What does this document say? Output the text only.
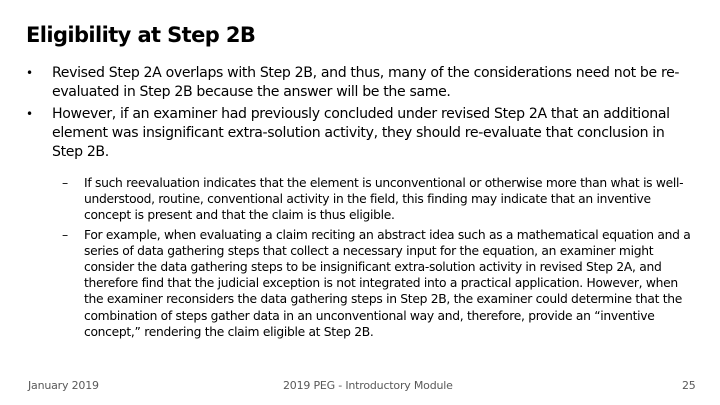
Eligibility at Step 2B
• Revised Step 2A overlaps with Step 2B, and thus, many of the considerations need not be re-evaluated in Step 2B because the answer will be the same.
• However, if an examiner had previously concluded under revised Step 2A that an additional element was insignificant extra-solution activity, they should re-evaluate that conclusion in Step 2B.
– If such reevaluation indicates that the element is unconventional or otherwise more than what is well-understood, routine, conventional activity in the field, this finding may indicate that an inventive concept is present and that the claim is thus eligible.
– For example, when evaluating a claim reciting an abstract idea such as a mathematical equation and a series of data gathering steps that collect a necessary input for the equation, an examiner might consider the data gathering steps to be insignificant extra-solution activity in revised Step 2A, and therefore find that the judicial exception is not integrated into a practical application. However, when the examiner reconsiders the data gathering steps in Step 2B, the examiner could determine that the combination of steps gather data in an unconventional way and, therefore, provide an “inventive concept,” rendering the claim eligible at Step 2B.
January 2019	2019 PEG - Introductory Module	25
